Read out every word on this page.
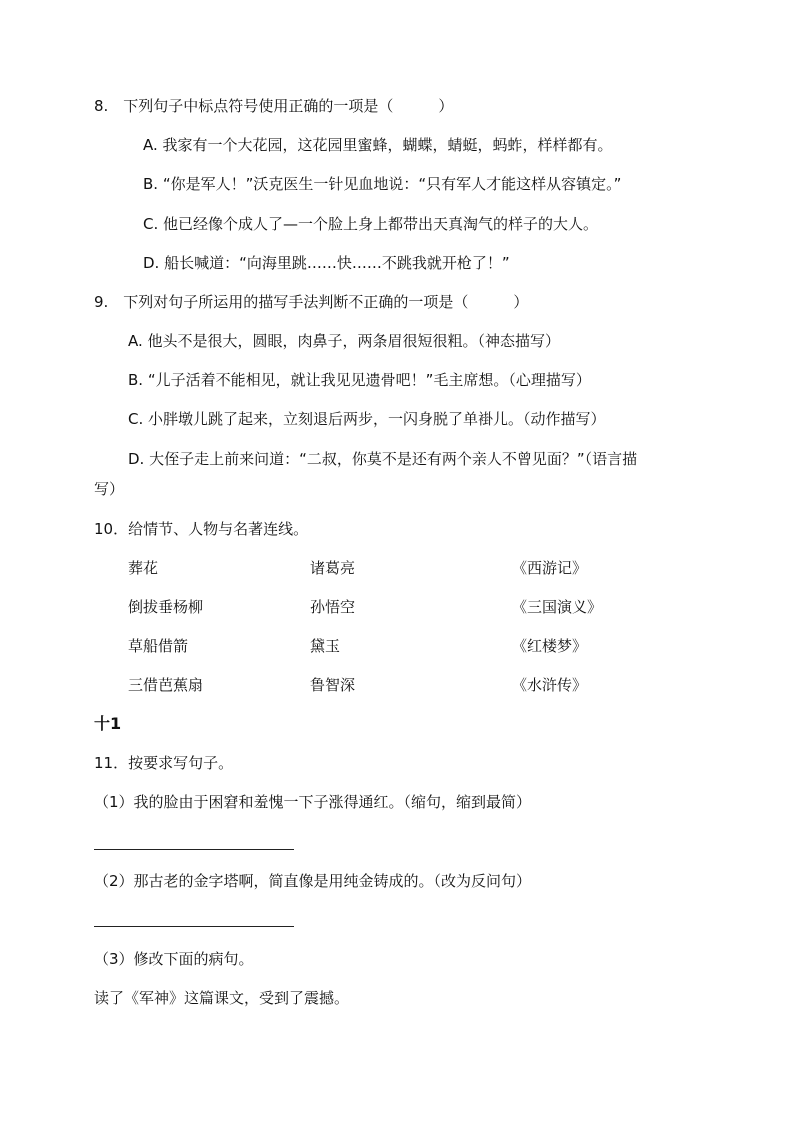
8.　下列句子中标点符号使用正确的一项是（　　　）
A. 我家有一个大花园，这花园里蜜蜂，蝴蝶，蜻蜓，蚂蚱，样样都有。
B. “你是军人！”沃克医生一针见血地说：“只有军人才能这样从容镇定。”
C. 他已经像个成人了—一个脸上身上都带出天真淘气的样子的大人。
D. 船长喊道：“向海里跳……快……不跳我就开枪了！”
9.　下列对句子所运用的描写手法判断不正确的一项是（　　　）
A. 他头不是很大，圆眼，肉鼻子，两条眉很短很粗。（神态描写）
B. “儿子活着不能相见，就让我见见遗骨吧！”毛主席想。（心理描写）
C. 小胖墩儿跳了起来，立刻退后两步，一闪身脱了单褂儿。（动作描写）
D. 大侄子走上前来问道：“二叔，你莫不是还有两个亲人不曾见面？”（语言描
写）
10．给情节、人物与名著连线。
葬花	诸葛亮	《西游记》
倒拔垂杨柳	孙悟空	《三国演义》
草船借箭	黛玉	《红楼梦》
三借芭蕉扇	鲁智深	《水浒传》
十1
11．按要求写句子。
（1）我的脸由于困窘和羞愧一下子涨得通红。（缩句，缩到最简）
（2）那古老的金字塔啊，简直像是用纯金铸成的。（改为反问句）
（3）修改下面的病句。
读了《军神》这篇课文，受到了震撼。
